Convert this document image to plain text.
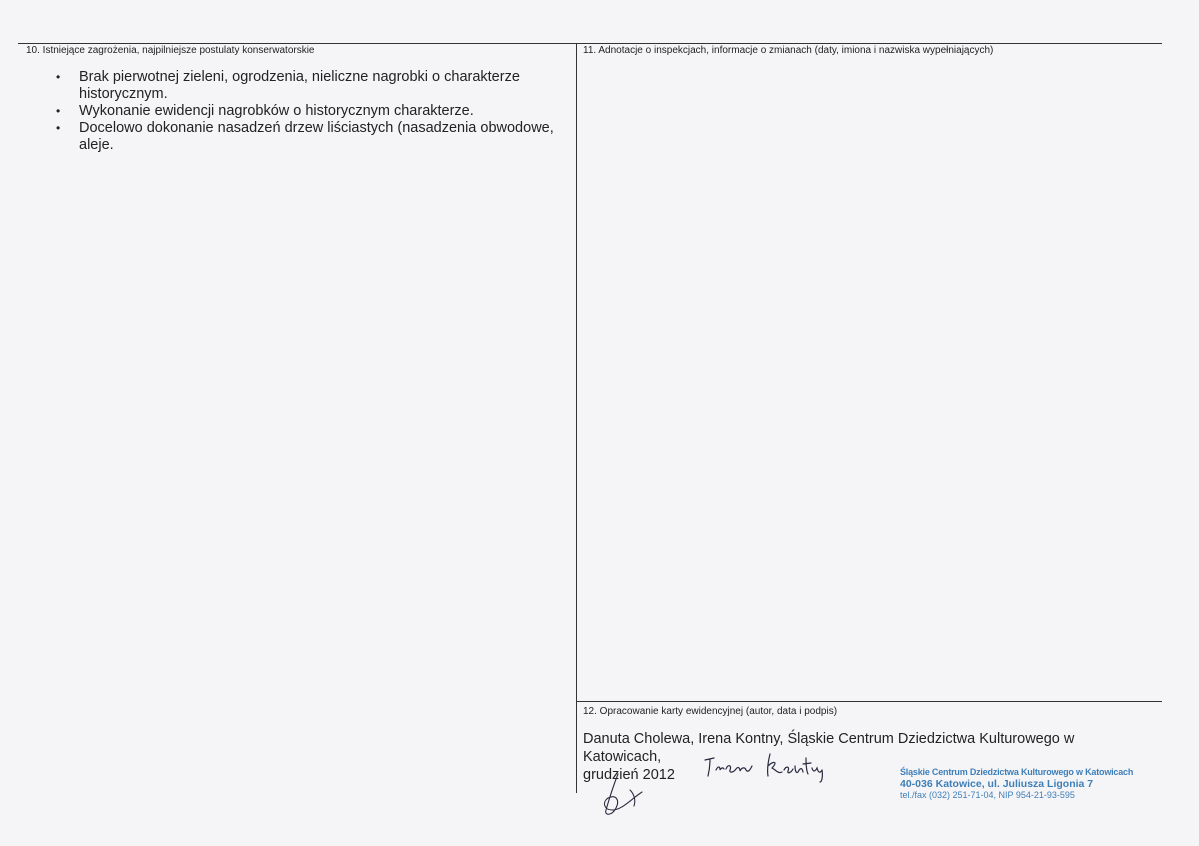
10. Istniejące zagrożenia, najpilniejsze postulaty konserwatorskie	11. Adnotacje o inspekcjach, informacje o zmianach (daty, imiona i nazwiska wypełniających)
• Brak pierwotnej zieleni, ogrodzenia, nieliczne nagrobki o charakterze historycznym.
• Wykonanie ewidencji nagrobków o historycznym charakterze.
• Docelowo dokonanie nasadzeń drzew liściastych (nasadzenia obwodowe, aleje.
12. Opracowanie karty ewidencyjnej (autor, data i podpis)
Danuta Cholewa, Irena Kontny, Śląskie Centrum Dziedzictwa Kulturowego w Katowicach,
grudzień 2012	Śląskie Centrum Dziedzictwa Kulturowego w Katowicach
40-036 Katowice, ul. Juliusza Ligonia 7
tel./fax (032) 251-71-04, NIP 954-21-93-595
